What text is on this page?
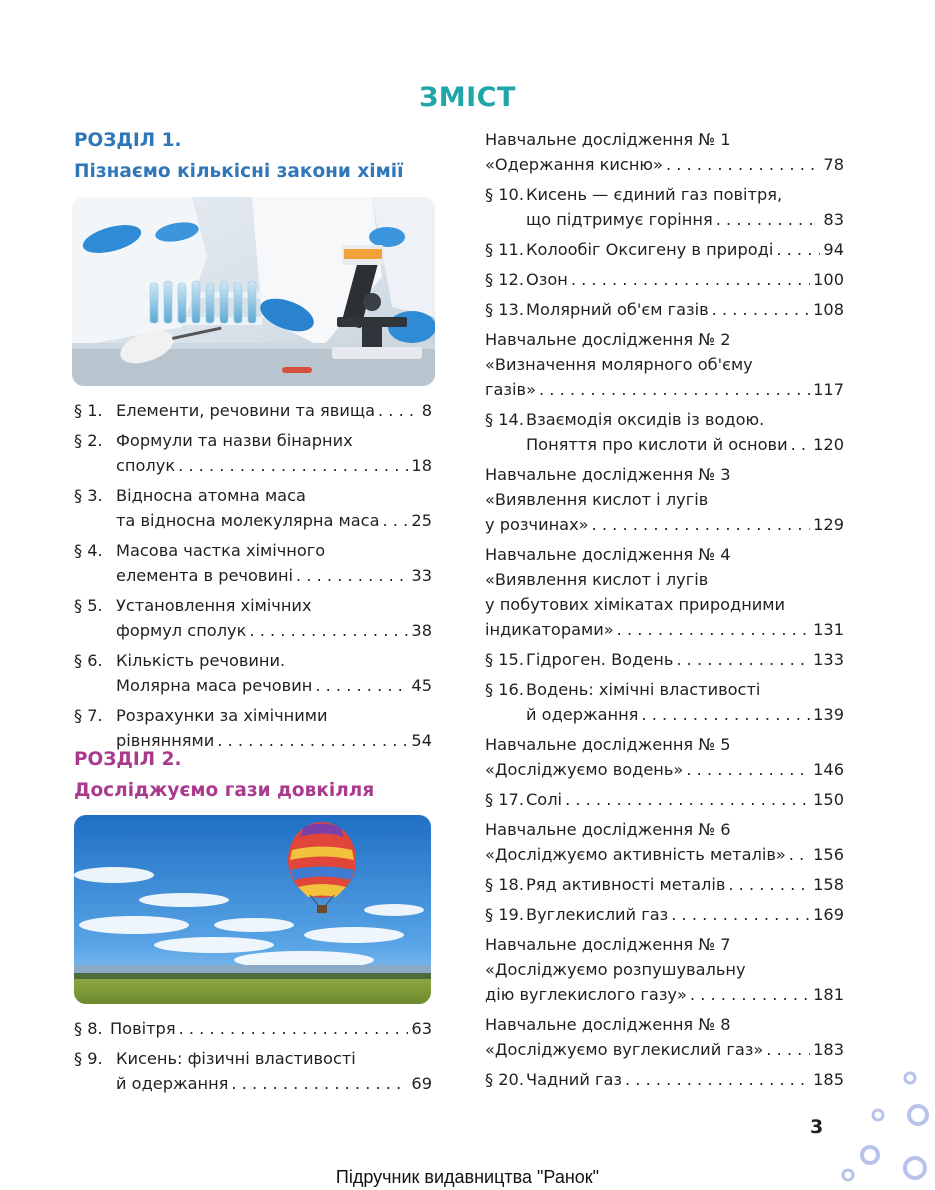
ЗМІСТ
РОЗДІЛ 1.
Пізнаємо кількісні закони хімії
§ 1. Елементи, речовини та явища . . .	8
§ 2. Формули та назви бінарних
сполук . . .	18
§ 3. Відносна атомна маса
та відносна молекулярна маса . . . 25
§ 4. Масова частка хімічного
елемента в речовині . . .	33
§ 5. Установлення хімічних
формул сполук . . .	38
§ 6. Кількість речовини.
Молярна маса речовин . . .	45
§ 7. Розрахунки за хімічними
рівняннями . . .	54
РОЗДІЛ 2.
Досліджуємо гази довкілля
§ 8. Повітря . . .	63
§ 9. Кисень: фізичні властивості
й одержання . . .	69
Навчальне дослідження № 1
«Одержання кисню» . . .	78
§ 10. Кисень — єдиний газ повітря,
що підтримує горіння . . .	83
§ 11. Колообіг Оксигену в природі . . .	94
§ 12. Озон . . .	100
§ 13. Молярний об'єм газів . . .	108
Навчальне дослідження № 2
«Визначення молярного об'єму
газів» . . .	117
§ 14. Взаємодія оксидів із водою.
Поняття про кислоти й основи . . . 120
Навчальне дослідження № 3
«Виявлення кислот і лугів
у розчинах» . . .	129
Навчальне дослідження № 4
«Виявлення кислот і лугів
у побутових хімікатах природними
індикаторами» . . .	131
§ 15. Гідроген. Водень . . .	133
§ 16. Водень: хімічні властивості
й одержання . . .	139
Навчальне дослідження № 5
«Досліджуємо водень» . . .	146
§ 17. Солі . . .	150
Навчальне дослідження № 6
«Досліджуємо активність металів» . . . 156
§ 18. Ряд активності металів . . .	158
§ 19. Вуглекислий газ . . .	169
Навчальне дослідження № 7
«Досліджуємо розпушувальну
дію вуглекислого газу» . . .	181
Навчальне дослідження № 8
«Досліджуємо вуглекислий газ» . . .	183
§ 20. Чадний газ . . .	185
3
Підручник видавництва "Ранок"
